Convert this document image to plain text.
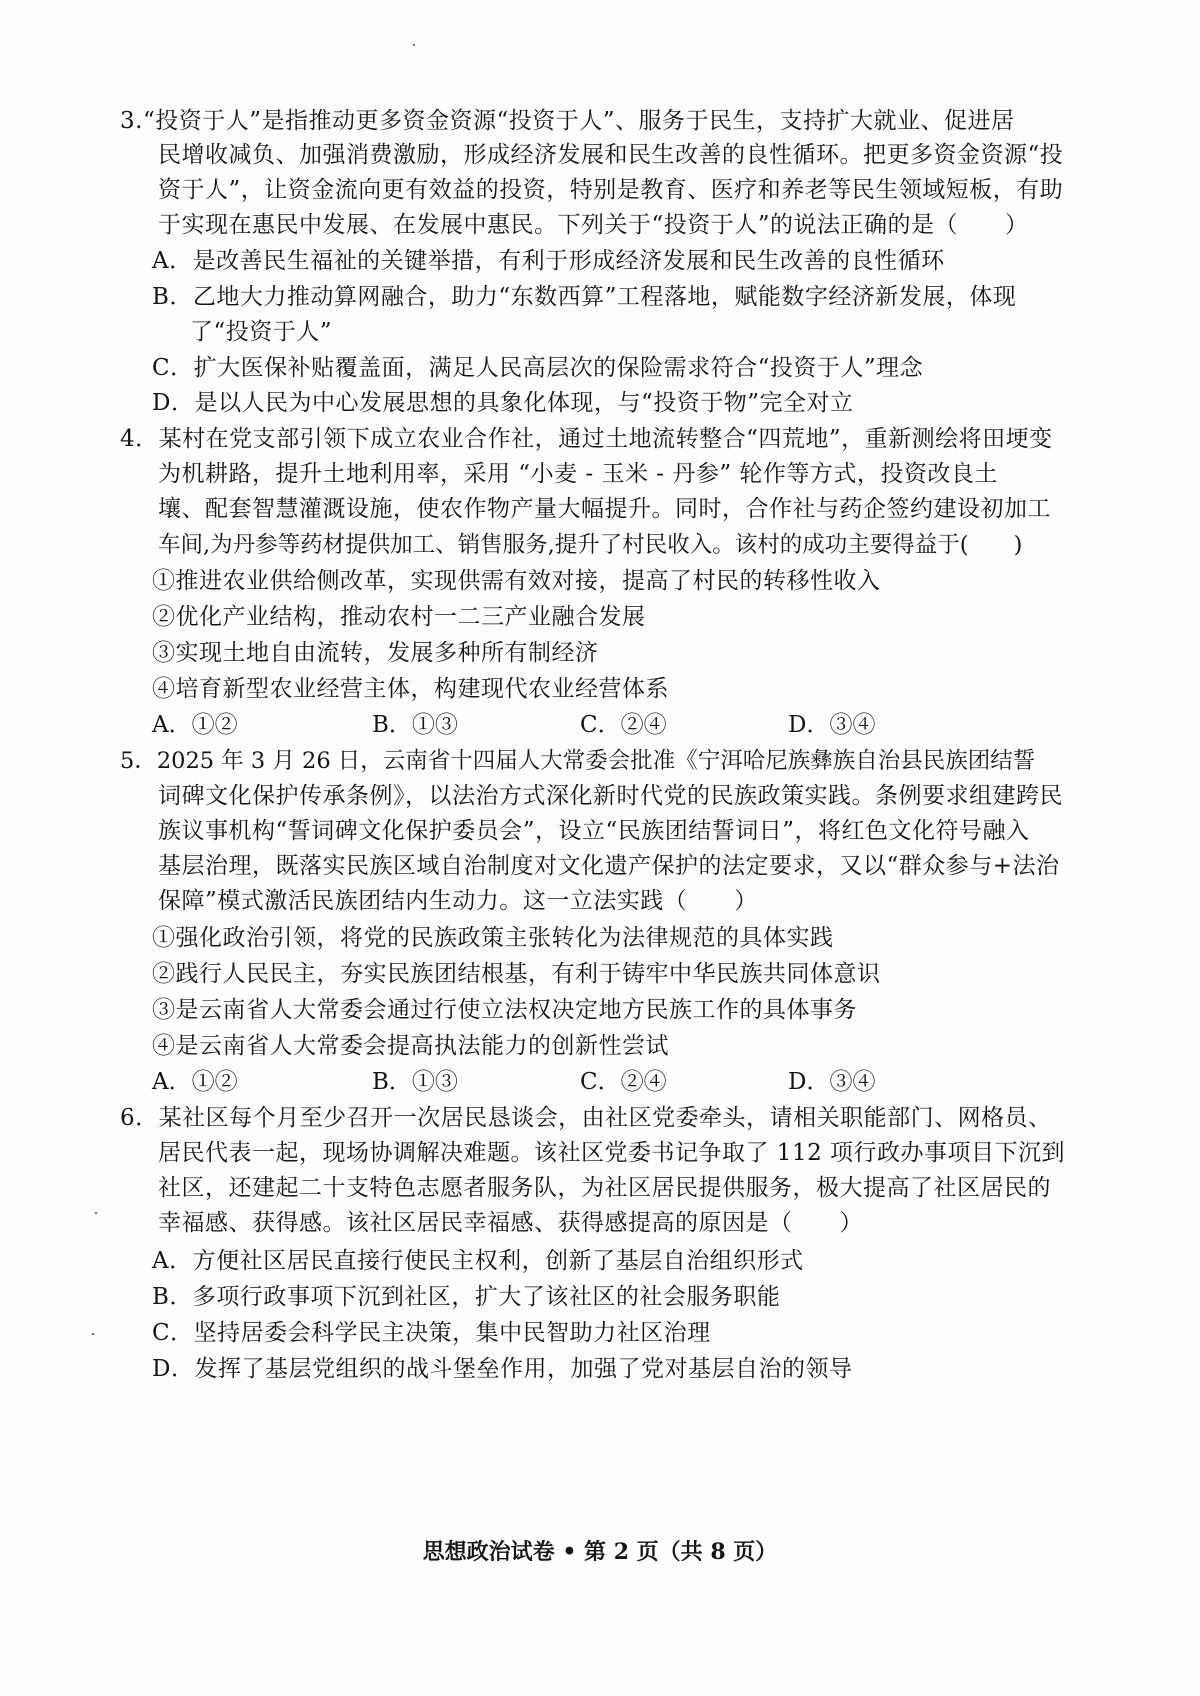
3.“投资于人”是指推动更多资金资源“投资于人”、服务于民生，支持扩大就业、促进居
民增收减负、加强消费激励，形成经济发展和民生改善的良性循环。把更多资金资源“投
资于人”，让资金流向更有效益的投资，特别是教育、医疗和养老等民生领域短板，有助
于实现在惠民中发展、在发展中惠民。下列关于“投资于人”的说法正确的是（　　）
A．是改善民生福祉的关键举措，有利于形成经济发展和民生改善的良性循环
B．乙地大力推动算网融合，助力“东数西算”工程落地，赋能数字经济新发展，体现
了“投资于人”
C．扩大医保补贴覆盖面，满足人民高层次的保险需求符合“投资于人”理念
D．是以人民为中心发展思想的具象化体现，与“投资于物”完全对立
4．某村在党支部引领下成立农业合作社，通过土地流转整合“四荒地”，重新测绘将田埂变
为机耕路，提升土地利用率，采用 “小麦 - 玉米 - 丹参” 轮作等方式，投资改良土
壤、配套智慧灌溉设施，使农作物产量大幅提升。同时，合作社与药企签约建设初加工
车间,为丹参等药材提供加工、销售服务,提升了村民收入。该村的成功主要得益于(　　)
①推进农业供给侧改革，实现供需有效对接，提高了村民的转移性收入
②优化产业结构，推动农村一二三产业融合发展
③实现土地自由流转，发展多种所有制经济
④培育新型农业经营主体，构建现代农业经营体系
A．①②	B．①③	C．②④	D．③④
5．2025 年 3 月 26 日，云南省十四届人大常委会批准《宁洱哈尼族彝族自治县民族团结誓
词碑文化保护传承条例》，以法治方式深化新时代党的民族政策实践。条例要求组建跨民
族议事机构“誓词碑文化保护委员会”，设立“民族团结誓词日”，将红色文化符号融入
基层治理，既落实民族区域自治制度对文化遗产保护的法定要求，又以“群众参与+法治
保障”模式激活民族团结内生动力。这一立法实践（　　）
①强化政治引领，将党的民族政策主张转化为法律规范的具体实践
②践行人民民主，夯实民族团结根基，有利于铸牢中华民族共同体意识
③是云南省人大常委会通过行使立法权决定地方民族工作的具体事务
④是云南省人大常委会提高执法能力的创新性尝试
A．①②	B．①③	C．②④	D．③④
6．某社区每个月至少召开一次居民恳谈会，由社区党委牵头，请相关职能部门、网格员、
居民代表一起，现场协调解决难题。该社区党委书记争取了 112 项行政办事项目下沉到
社区，还建起二十支特色志愿者服务队，为社区居民提供服务，极大提高了社区居民的
幸福感、获得感。该社区居民幸福感、获得感提高的原因是（　　）
A．方便社区居民直接行使民主权利，创新了基层自治组织形式
B．多项行政事项下沉到社区，扩大了该社区的社会服务职能
C．坚持居委会科学民主决策，集中民智助力社区治理
D．发挥了基层党组织的战斗堡垒作用，加强了党对基层自治的领导
思想政治试卷 • 第 2 页（共 8 页）
